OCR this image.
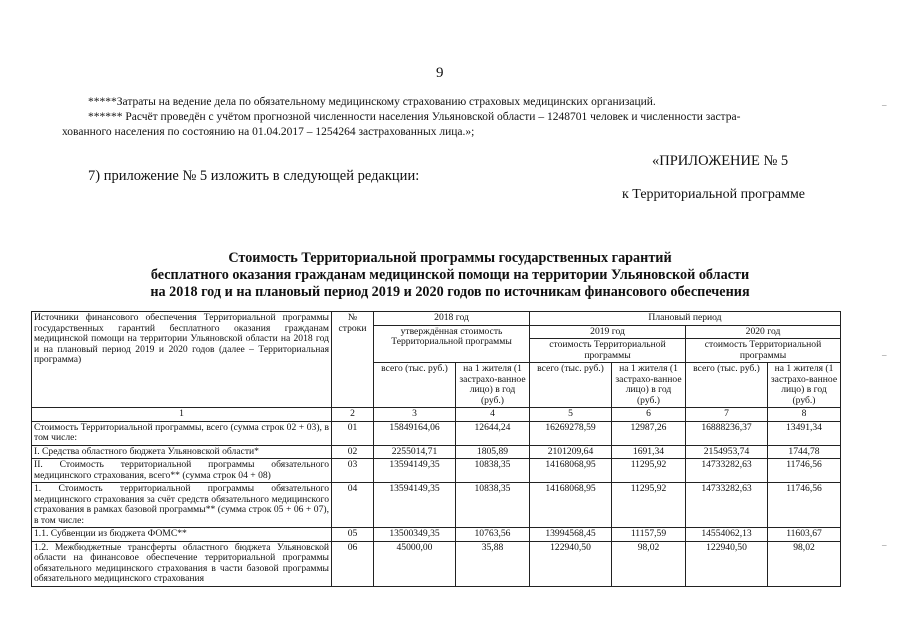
9
*****Затраты на ведение дела по обязательному медицинскому страхованию страховых медицинских организаций.
****** Расчёт проведён с учётом прогнозной численности населения Ульяновской области – 1248701 человек и численности застра-
хованного населения по состоянию на 01.04.2017 – 1254264 застрахованных лица.»;
7) приложение № 5 изложить в следующей редакции:
«ПРИЛОЖЕНИЕ № 5
к Территориальной программе
Стоимость Территориальной программы государственных гарантий
бесплатного оказания гражданам медицинской помощи на территории Ульяновской области
на 2018 год и на плановый период 2019 и 2020 годов по источникам финансового обеспечения
Источники финансового обеспечения Территориальной программы государственных гарантий бесплатного оказания гражданам медицинской помощи на территории Ульяновской области на 2018 год и на плановый период 2019 и 2020 годов (далее – Территориальная программа)	№ строки	2018 год		Плановый период			
		утверждённая стоимость Территориальной программы		2019 год		2020 год	
				стоимость Территориальной программы		стоимость Территориальной программы	
		всего (тыс. руб.)	на 1 жителя (1 застрахо-ванное лицо) в год (руб.)	всего (тыс. руб.)	на 1 жителя (1 застрахо-ванное лицо) в год (руб.)	всего (тыс. руб.)	на 1 жителя (1 застрахо-ванное лицо) в год (руб.)
1	2	3	4	5	6	7	8
Стоимость Территориальной программы, всего (сумма строк 02 + 03), в том числе:	01	15849164,06	12644,24	16269278,59	12987,26	16888236,37	13491,34
I. Средства областного бюджета Ульяновской области*	02	2255014,71	1805,89	2101209,64	1691,34	2154953,74	1744,78
II. Стоимость территориальной программы обязательного медицинского страхования, всего** (сумма строк 04 + 08)	03	13594149,35	10838,35	14168068,95	11295,92	14733282,63	11746,56
1. Стоимость территориальной программы обязательного медицинского страхования за счёт средств обязательного медицинского страхования в рамках базовой программы** (сумма строк 05 + 06 + 07), в том числе:	04	13594149,35	10838,35	14168068,95	11295,92	14733282,63	11746,56
1.1. Субвенции из бюджета ФОМС**	05	13500349,35	10763,56	13994568,45	11157,59	14554062,13	11603,67
1.2. Межбюджетные трансферты областного бюджета Ульяновской области на финансовое обеспечение территориальной программы обязательного медицинского страхования в части базовой программы обязательного медицинского страхования	06	45000,00	35,88	122940,50	98,02	122940,50	98,02
–
–
–
